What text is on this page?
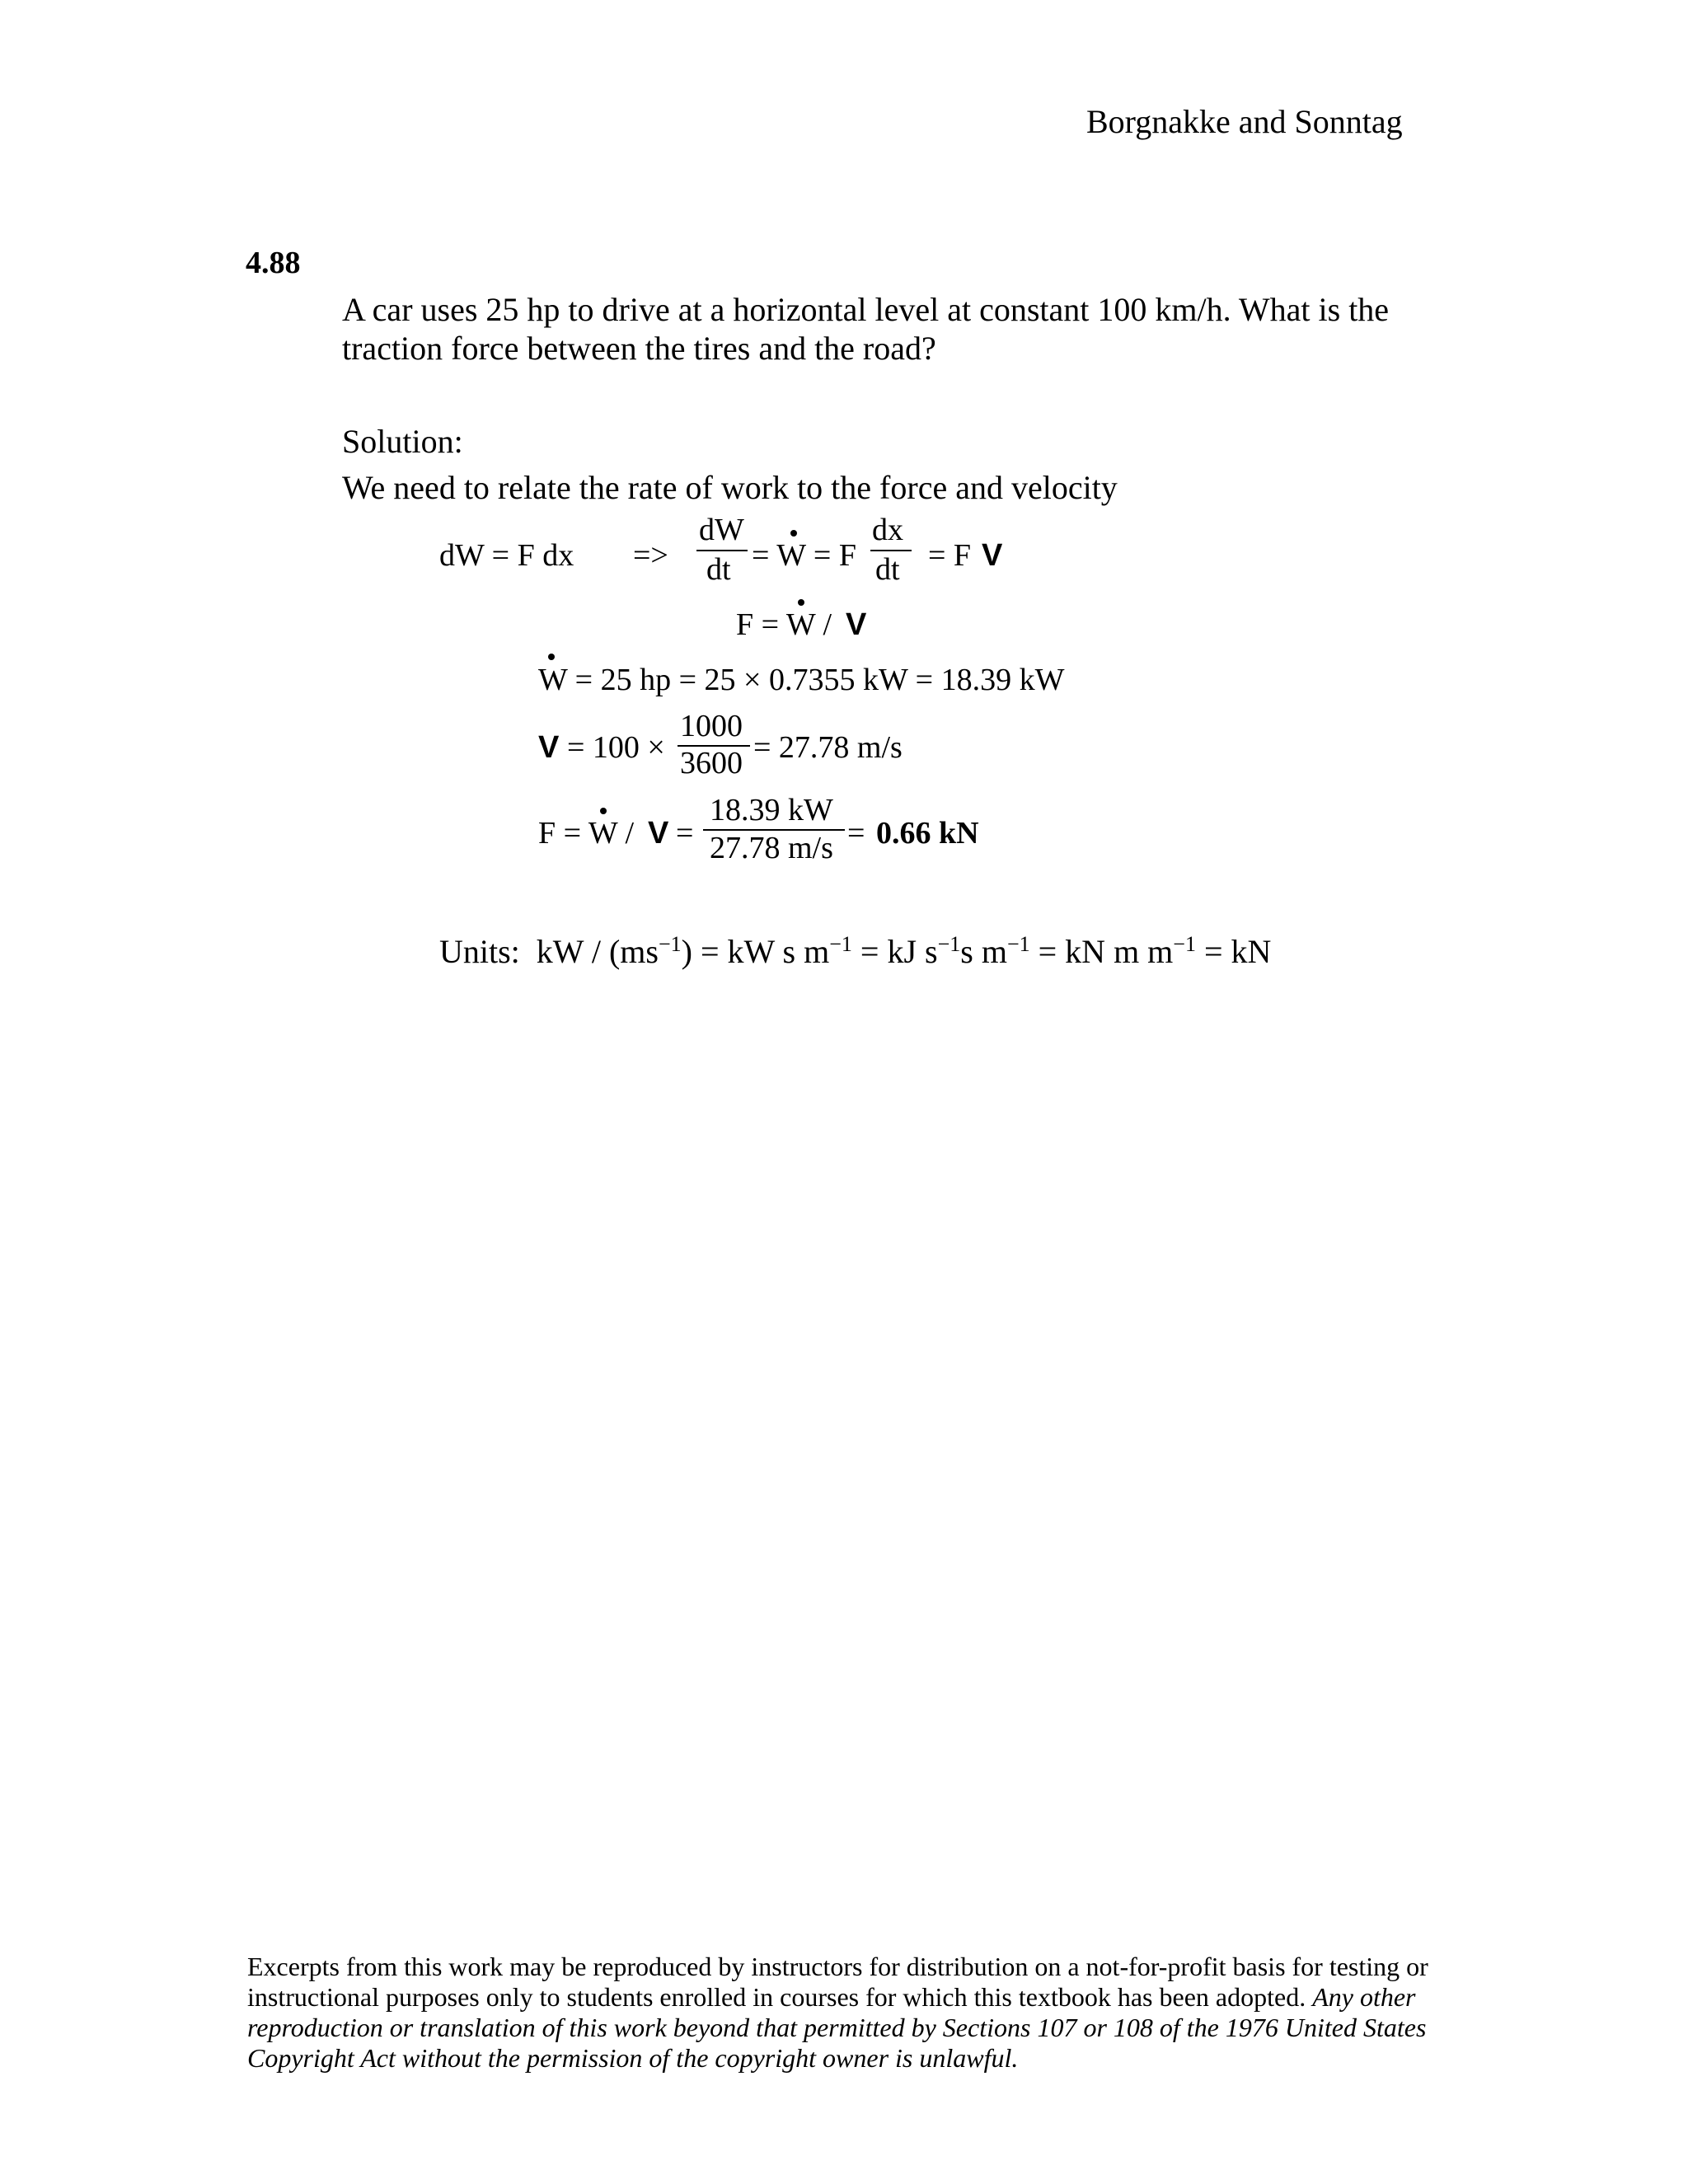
Borgnakke and Sonntag
4.88
A car uses 25 hp to drive at a horizontal level at constant 100 km/h. What is the
traction force between the tires and the road?
Solution:
We need to relate the rate of work to the force and velocity
dW = F dx =>
dW
dt = W = F
dx
dt = F V
F = W / V
W = 25 hp = 25 × 0.7355 kW = 18.39 kW
V = 100 ×
1000
3600 = 27.78 m/s
F = W / V =
18.39 kW
27.78 m/s = 0.66 kN
Units: kW / $(ms^{-1})$ = kW s $m^{-1}$ = kJ $s^{-1}s$ $m^{-1}$ = kN m $m^{-1}$ = kN
Excerpts from this work may be reproduced by instructors for distribution on a not-for-profit basis for testing or instructional purposes only to students enrolled in courses for which this textbook has been adopted. Any other reproduction or translation of this work beyond that permitted by Sections 107 or 108 of the 1976 United States Copyright Act without the permission of the copyright owner is unlawful.
